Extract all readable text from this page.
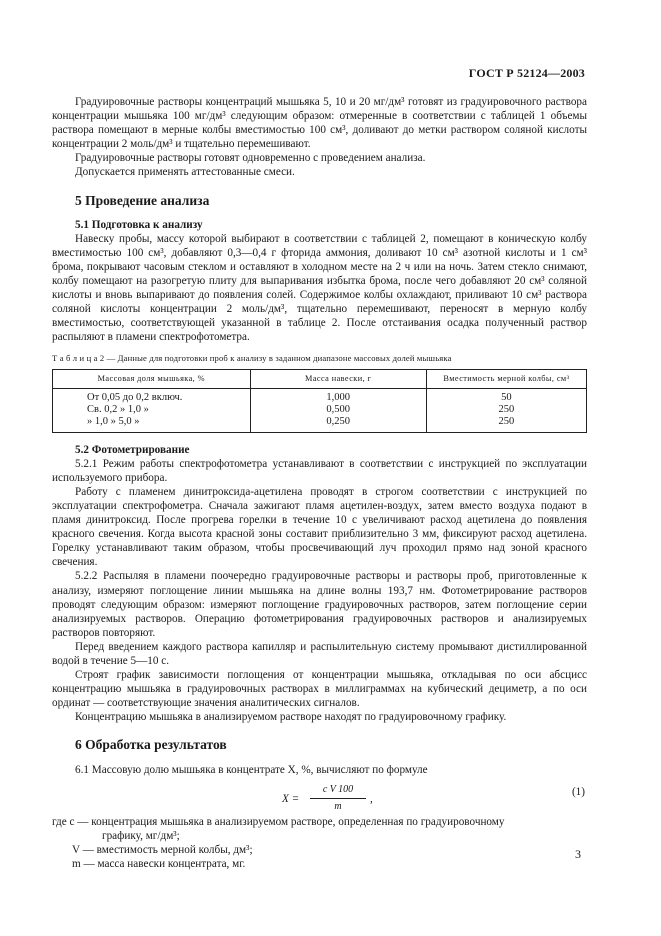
ГОСТ Р 52124—2003

Градуировочные растворы концентраций мышьяка 5, 10 и 20 мг/дм³ готовят из градуировочного раствора концентрации мышьяка 100 мг/дм³ следующим образом: отмеренные в соответствии с таблицей 1 объемы раствора помещают в мерные колбы вместимостью 100 см³, доливают до метки раствором соляной кислоты концентрации 2 моль/дм³ и тщательно перемешивают.

Градуировочные растворы готовят одновременно с проведением анализа.

Допускается применять аттестованные смеси.

5 Проведение анализа
5.1 Подготовка к анализу

Навеску пробы, массу которой выбирают в соответствии с таблицей 2, помещают в коническую колбу вместимостью 100 см³, добавляют 0,3—0,4 г фторида аммония, доливают 10 см³ азотной кислоты и 1 см³ брома, покрывают часовым стеклом и оставляют в холодном месте на 2 ч или на ночь. Затем стекло снимают, колбу помещают на разогретую плиту для выпаривания избытка брома, после чего добавляют 20 см³ соляной кислоты и вновь выпаривают до появления солей. Содержимое колбы охлаждают, приливают 10 см³ раствора соляной кислоты концентрации 2 моль/дм³, тщательно перемешивают, переносят в мерную колбу вместимостью, соответствующей указанной в таблице 2. После отстаивания осадка полученный раствор распыляют в пламени спектрофотометра.

Т а б л и ц а 2 — Данные для подготовки проб к анализу в заданном диапазоне массовых долей мышьяка
Массовая доля мышьяка, %	Масса навески, г	Вместимость мерной колбы, см³
От 0,05 до 0,2 включ.	1,000	50
Св. 0,2 » 1,0 »	0,500	250
» 1,0 » 5,0 »	0,250	250
5.2 Фотометрирование

5.2.1 Режим работы спектрофотометра устанавливают в соответствии с инструкцией по эксплуатации используемого прибора.

Работу с пламенем динитроксида-ацетилена проводят в строгом соответствии с инструкцией по эксплуатации спектрофометра. Сначала зажигают пламя ацетилен-воздух, затем вместо воздуха подают в пламя динитроксид. После прогрева горелки в течение 10 с увеличивают расход ацетилена до появления красного свечения. Когда высота красной зоны составит приблизительно 3 мм, фиксируют расход ацетилена. Горелку устанавливают таким образом, чтобы просвечивающий луч проходил прямо над зоной красного свечения.

5.2.2 Распыляя в пламени поочередно градуировочные растворы и растворы проб, приготовленные к анализу, измеряют поглощение линии мышьяка на длине волны 193,7 нм. Фотометрирование растворов проводят следующим образом: измеряют поглощение градуировочных растворов, затем поглощение серии анализируемых растворов. Операцию фотометрирования градуировочных растворов и анализируемых растворов повторяют.

Перед введением каждого раствора капилляр и распылительную систему промывают дистиллированной водой в течение 5—10 с.

Строят график зависимости поглощения от концентрации мышьяка, откладывая по оси абсцисс концентрацию мышьяка в градуировочных растворах в миллиграммах на кубический дециметр, а по оси ординат — соответствующие значения аналитических сигналов.

Концентрацию мышьяка в анализируемом растворе находят по градуировочному графику.

6 Обработка результатов

6.1 Массовую долю мышьяка в концентрате X, %, вычисляют по формуле

$X = \frac{\text{c V 100}}{m}$ ,
(1)

где c — концентрация мышьяка в анализируемом растворе, определенная по градуировочному

графику, мг/дм³;

V — вместимость мерной колбы, дм³;

m — масса навески концентрата, мг.

3
